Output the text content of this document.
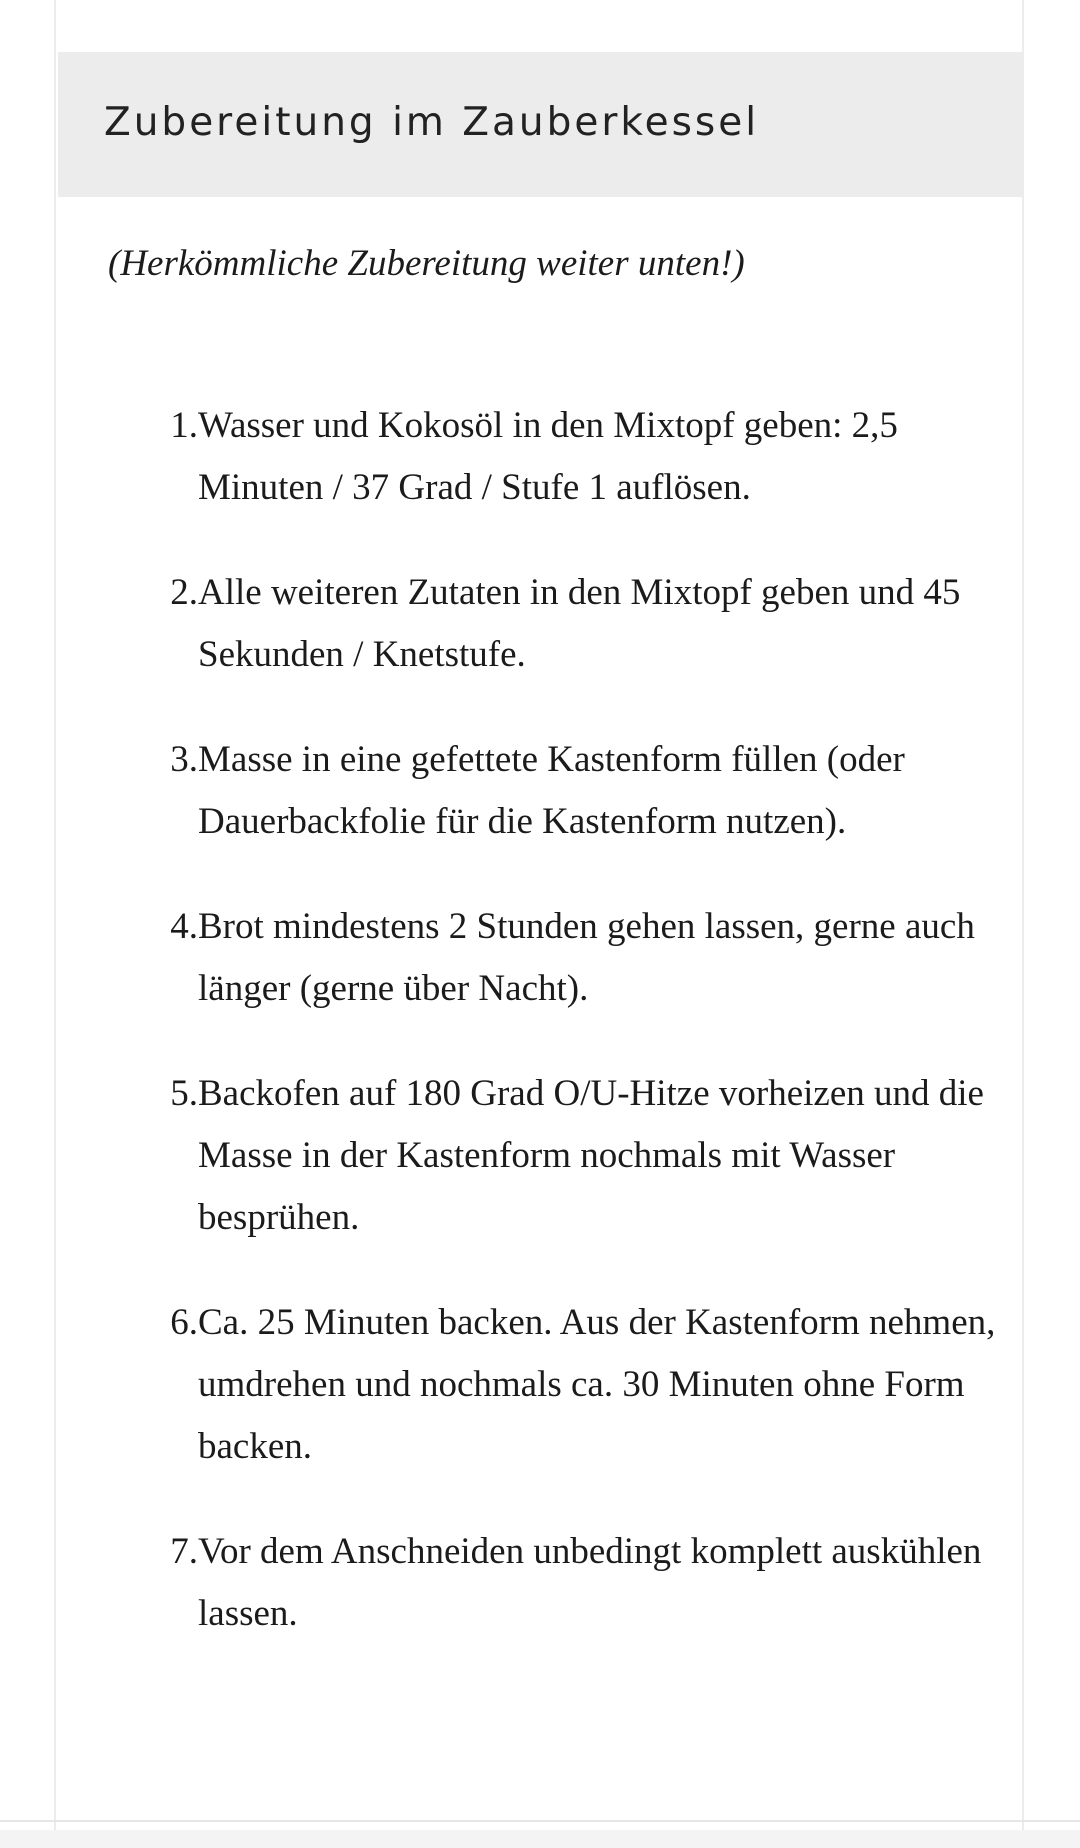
Zubereitung im Zauberkessel

(Herkömmliche Zubereitung weiter unten!)

1. Wasser und Kokosöl in den Mixtopf geben: 2,5 Minuten / 37 Grad / Stufe 1 auflösen.
2. Alle weiteren Zutaten in den Mixtopf geben und 45 Sekunden / Knetstufe.
3. Masse in eine gefettete Kastenform füllen (oder Dauerbackfolie für die Kastenform nutzen).
4. Brot mindestens 2 Stunden gehen lassen, gerne auch länger (gerne über Nacht).
5. Backofen auf 180 Grad O/U-Hitze vorheizen und die Masse in der Kastenform nochmals mit Wasser besprühen.
6. Ca. 25 Minuten backen. Aus der Kastenform nehmen, umdrehen und nochmals ca. 30 Minuten ohne Form backen.
7. Vor dem Anschneiden unbedingt komplett auskühlen lassen.
